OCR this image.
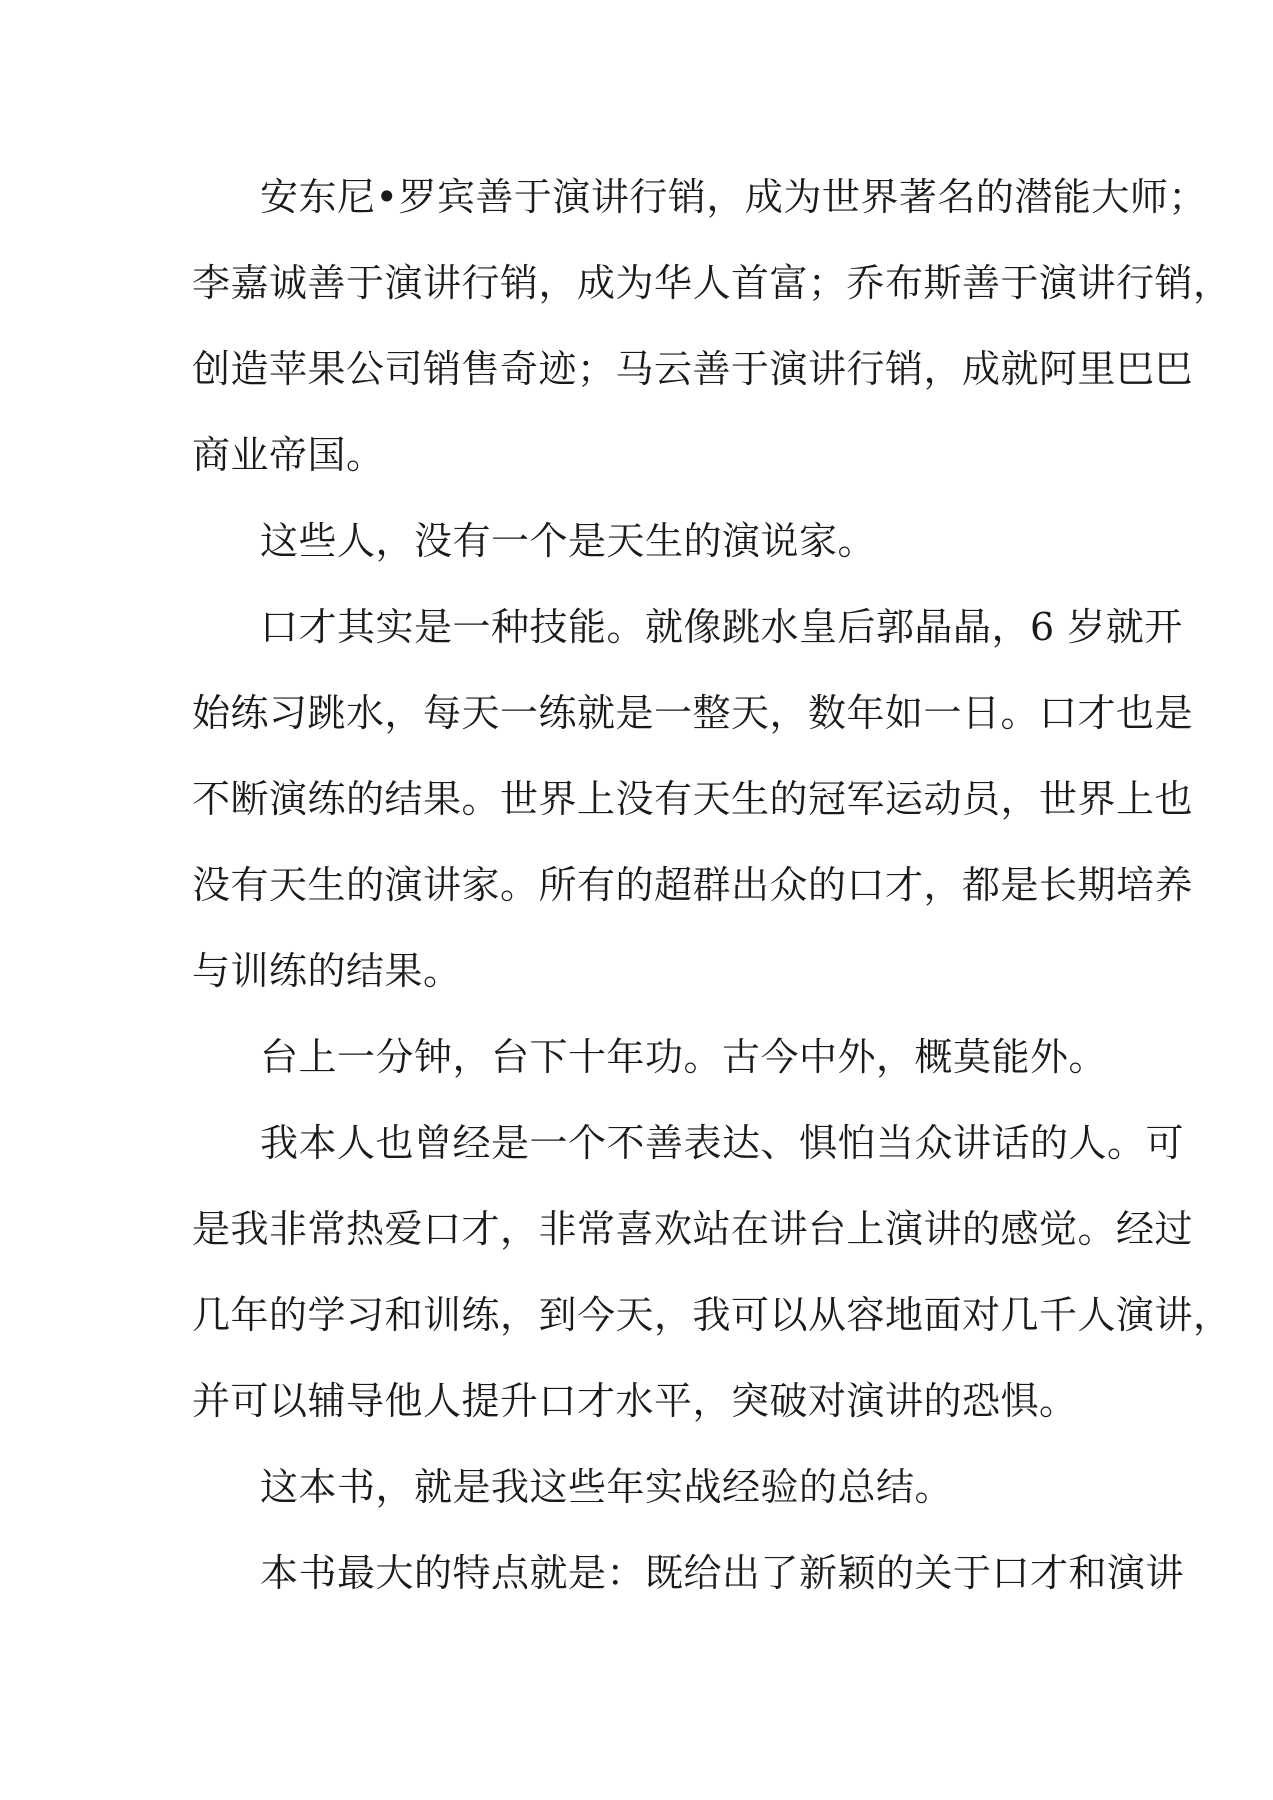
安东尼•罗宾善于演讲行销，成为世界著名的潜能大师；
李嘉诚善于演讲行销，成为华人首富；乔布斯善于演讲行销，
创造苹果公司销售奇迹；马云善于演讲行销，成就阿里巴巴
商业帝国。
这些人，没有一个是天生的演说家。
口才其实是一种技能。就像跳水皇后郭晶晶，6 岁就开
始练习跳水，每天一练就是一整天，数年如一日。口才也是
不断演练的结果。世界上没有天生的冠军运动员，世界上也
没有天生的演讲家。所有的超群出众的口才，都是长期培养
与训练的结果。
台上一分钟，台下十年功。古今中外，概莫能外。
我本人也曾经是一个不善表达、惧怕当众讲话的人。可
是我非常热爱口才，非常喜欢站在讲台上演讲的感觉。经过
几年的学习和训练，到今天，我可以从容地面对几千人演讲，
并可以辅导他人提升口才水平，突破对演讲的恐惧。
这本书，就是我这些年实战经验的总结。
本书最大的特点就是：既给出了新颖的关于口才和演讲
